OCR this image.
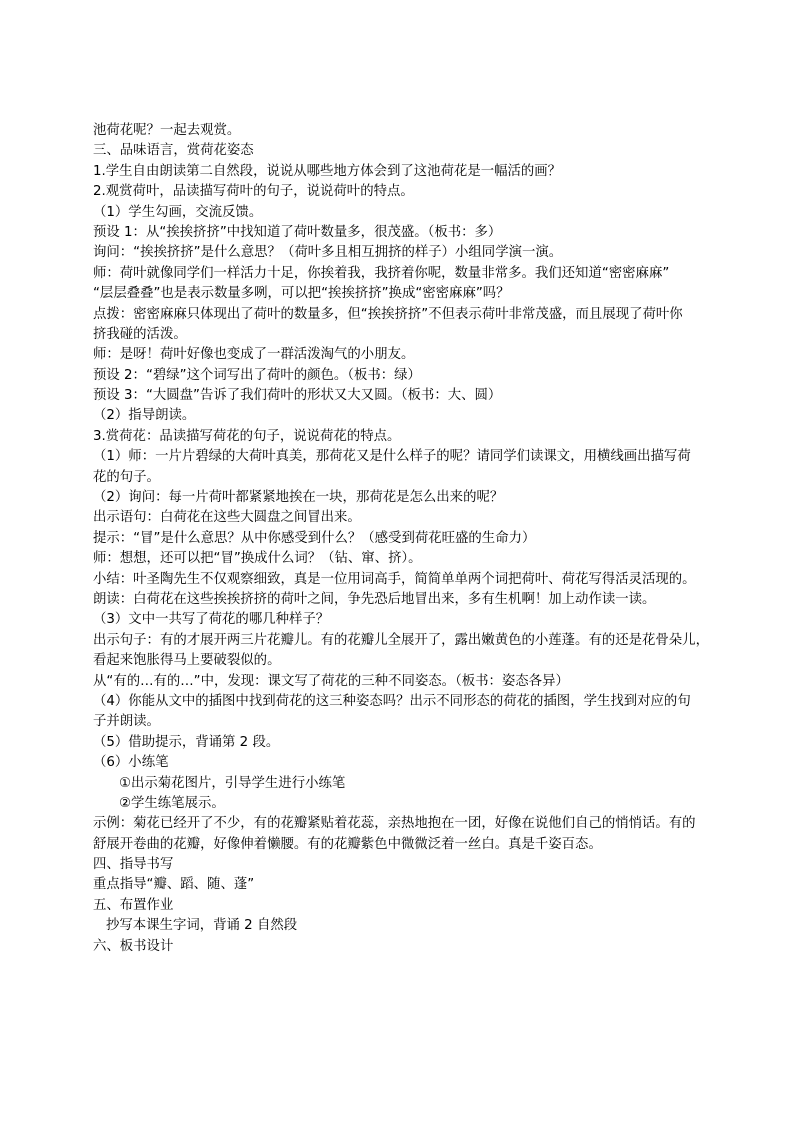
池荷花呢？一起去观赏。
三、品味语言，赏荷花姿态
1.学生自由朗读第二自然段，说说从哪些地方体会到了这池荷花是一幅活的画？
2.观赏荷叶，品读描写荷叶的句子，说说荷叶的特点。
（1）学生勾画，交流反馈。
预设 1：从“挨挨挤挤”中找知道了荷叶数量多，很茂盛。（板书：多）
询问：“挨挨挤挤”是什么意思？（荷叶多且相互拥挤的样子）小组同学演一演。
师：荷叶就像同学们一样活力十足，你挨着我，我挤着你呢，数量非常多。我们还知道“密密麻麻”
“层层叠叠”也是表示数量多咧，可以把“挨挨挤挤”换成“密密麻麻”吗？
点拨：密密麻麻只体现出了荷叶的数量多，但“挨挨挤挤”不但表示荷叶非常茂盛，而且展现了荷叶你
挤我碰的活泼。
师：是呀！荷叶好像也变成了一群活泼淘气的小朋友。
预设 2：“碧绿”这个词写出了荷叶的颜色。（板书：绿）
预设 3：“大圆盘”告诉了我们荷叶的形状又大又圆。（板书：大、圆）
（2）指导朗读。
3.赏荷花：品读描写荷花的句子，说说荷花的特点。
（1）师：一片片碧绿的大荷叶真美，那荷花又是什么样子的呢？请同学们读课文，用横线画出描写荷
花的句子。
（2）询问：每一片荷叶都紧紧地挨在一块，那荷花是怎么出来的呢？
出示语句：白荷花在这些大圆盘之间冒出来。
提示：“冒”是什么意思？从中你感受到什么？（感受到荷花旺盛的生命力）
师：想想，还可以把“冒”换成什么词？（钻、窜、挤）。
小结：叶圣陶先生不仅观察细致，真是一位用词高手，简简单单两个词把荷叶、荷花写得活灵活现的。
朗读：白荷花在这些挨挨挤挤的荷叶之间，争先恐后地冒出来，多有生机啊！加上动作读一读。
（3）文中一共写了荷花的哪几种样子？
出示句子：有的才展开两三片花瓣儿。有的花瓣儿全展开了，露出嫩黄色的小莲蓬。有的还是花骨朵儿，
看起来饱胀得马上要破裂似的。
从“有的…有的…”中，发现：课文写了荷花的三种不同姿态。（板书：姿态各异）
（4）你能从文中的插图中找到荷花的这三种姿态吗？出示不同形态的荷花的插图，学生找到对应的句
子并朗读。
（5）借助提示，背诵第 2 段。
（6）小练笔
①出示菊花图片，引导学生进行小练笔
②学生练笔展示。
示例：菊花已经开了不少，有的花瓣紧贴着花蕊，亲热地抱在一团，好像在说他们自己的悄悄话。有的
舒展开卷曲的花瓣，好像伸着懒腰。有的花瓣紫色中微微泛着一丝白。真是千姿百态。
四、指导书写
重点指导“瓣、蹈、随、蓬”
五、布置作业
抄写本课生字词，背诵 2 自然段
六、板书设计
